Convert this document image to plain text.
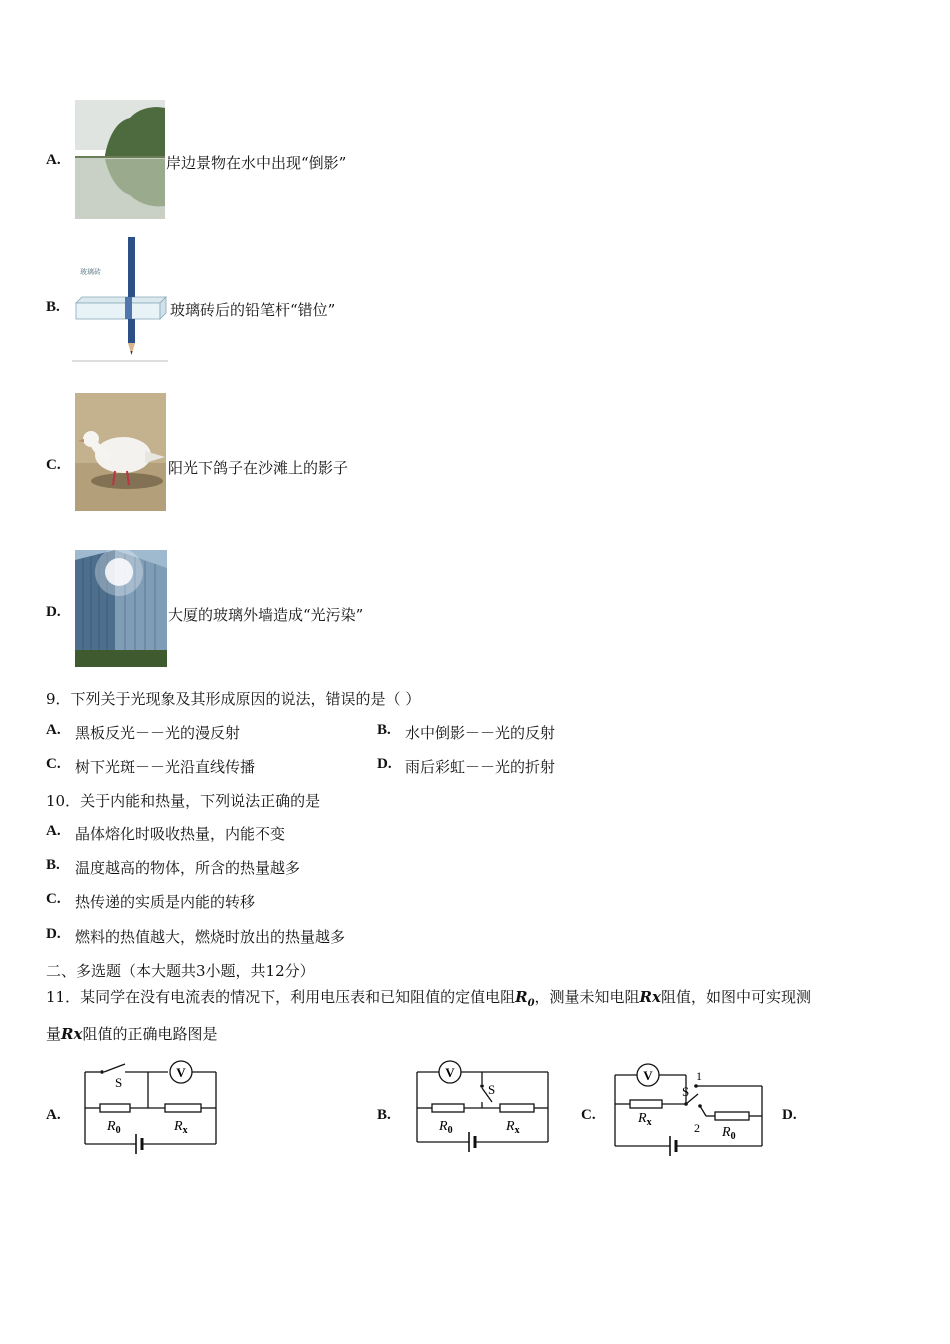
A.	岸边景物在水中出现“倒影”
B.
玻璃砖
玻璃砖后的铅笔杆“错位”
C.	阳光下鸽子在沙滩上的影子
D.	大厦的玻璃外墙造成“光污染”
9．下列关于光现象及其形成原因的说法，错误的是（ ）
A. 黑板反光－－光的漫反射	B. 水中倒影－－光的反射
C. 树下光斑－－光沿直线传播	D. 雨后彩虹－－光的折射
10．关于内能和热量，下列说法正确的是
A. 晶体熔化时吸收热量，内能不变
B. 温度越高的物体，所含的热量越多
C. 热传递的实质是内能的转移
D. 燃料的热值越大，燃烧时放出的热量越多
二、多选题（本大题共3小题，共12分）
11．某同学在没有电流表的情况下，利用电压表和已知阻值的定值电阻$R_0$，测量未知电阻Rx阻值，如图中可实现测
量Rx阻值的正确电路图是
A.	B.	C.	D.
S
V
$R_0$	$R_x$
V
S
$R_0$	$R_x$
V
S
1
2
$R_x$
$R_0$
